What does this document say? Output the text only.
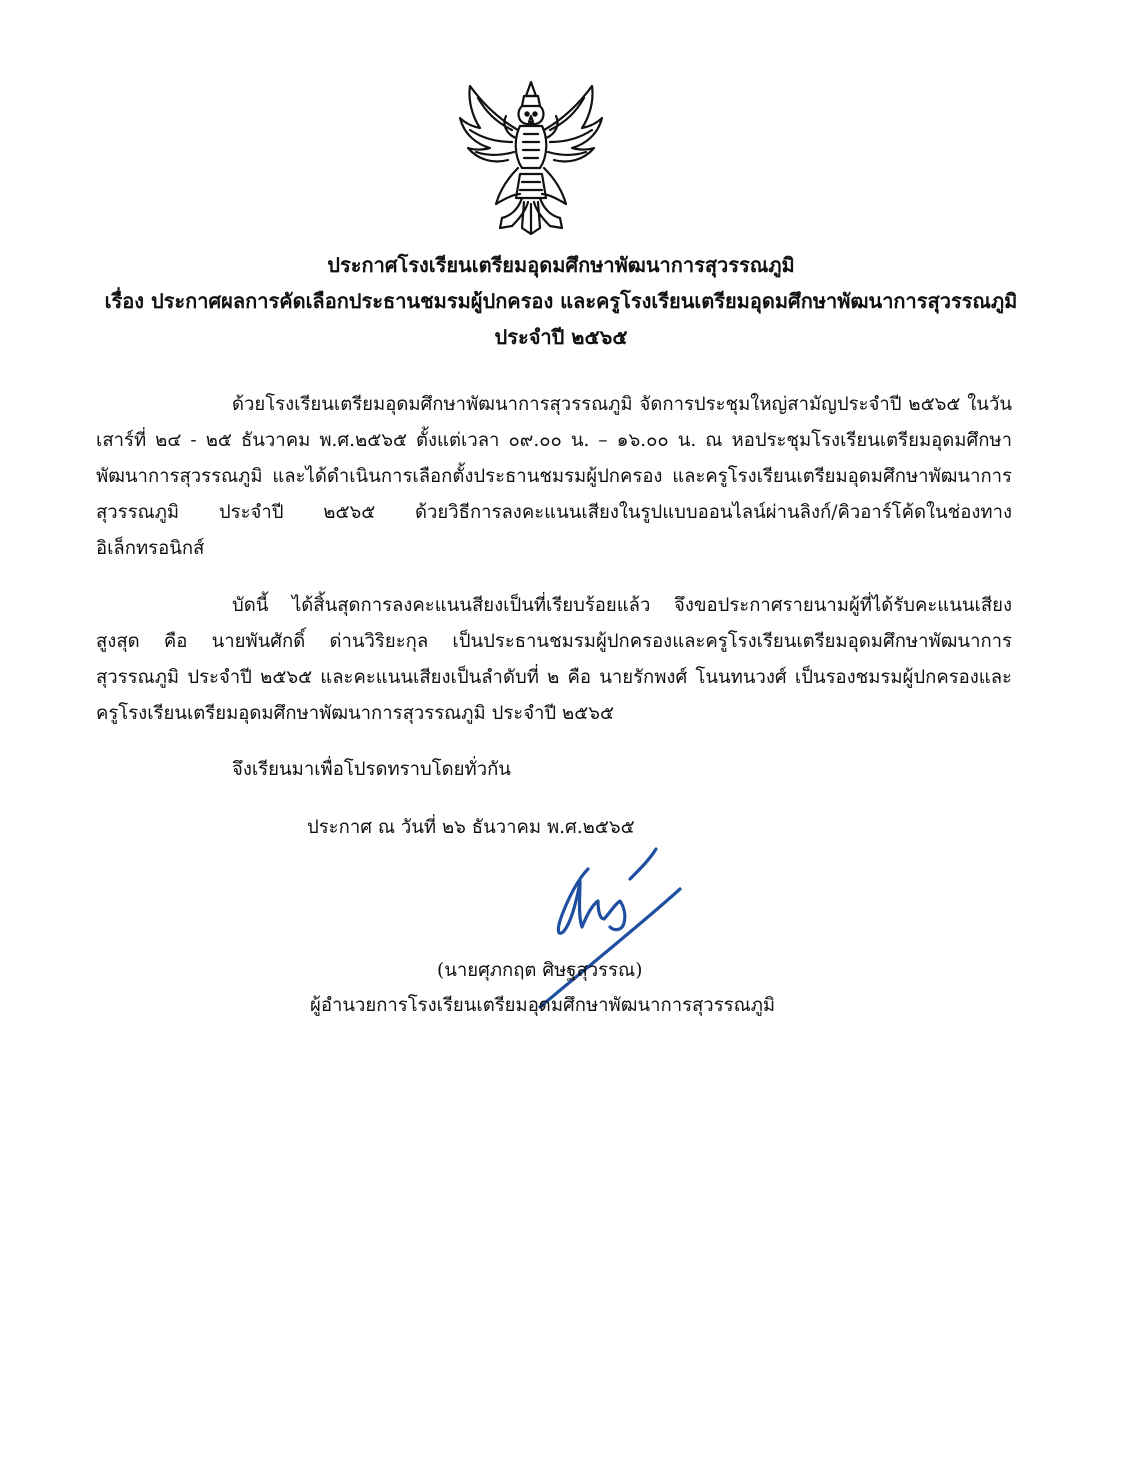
ประกาศโรงเรียนเตรียมอุดมศึกษาพัฒนาการสุวรรณภูมิ
เรื่อง ประกาศผลการคัดเลือกประธานชมรมผู้ปกครอง และครูโรงเรียนเตรียมอุดมศึกษาพัฒนาการสุวรรณภูมิ
ประจำปี ๒๕๖๕
ด้วยโรงเรียนเตรียมอุดมศึกษาพัฒนาการสุวรรณภูมิ จัดการประชุมใหญ่สามัญประจำปี ๒๕๖๕ ในวันเสาร์ที่ ๒๔ - ๒๕ ธันวาคม พ.ศ.๒๕๖๕ ตั้งแต่เวลา ๐๙.๐๐ น. – ๑๖.๐๐ น. ณ หอประชุมโรงเรียนเตรียมอุดมศึกษาพัฒนาการสุวรรณภูมิ และได้ดำเนินการเลือกตั้งประธานชมรมผู้ปกครอง และครูโรงเรียนเตรียมอุดมศึกษาพัฒนาการสุวรรณภูมิ ประจำปี ๒๕๖๕ ด้วยวิธีการลงคะแนนเสียงในรูปแบบออนไลน์ผ่านลิงก์/คิวอาร์โค้ดในช่องทางอิเล็กทรอนิกส์
บัดนี้ ได้สิ้นสุดการลงคะแนนสียงเป็นที่เรียบร้อยแล้ว จึงขอประกาศรายนามผู้ที่ได้รับคะแนนเสียงสูงสุด คือ นายพันศักดิ์ ด่านวิริยะกุล เป็นประธานชมรมผู้ปกครองและครูโรงเรียนเตรียมอุดมศึกษาพัฒนาการสุวรรณภูมิ ประจำปี ๒๕๖๕ และคะแนนเสียงเป็นลำดับที่ ๒ คือ นายรักพงศ์ โนนทนวงศ์ เป็นรองชมรมผู้ปกครองและครูโรงเรียนเตรียมอุดมศึกษาพัฒนาการสุวรรณภูมิ ประจำปี ๒๕๖๕
จึงเรียนมาเพื่อโปรดทราบโดยทั่วกัน
ประกาศ ณ วันที่ ๒๖ ธันวาคม พ.ศ.๒๕๖๕
(นายศุภกฤต ศิษฐสุวรรณ)
ผู้อำนวยการโรงเรียนเตรียมอุดมศึกษาพัฒนาการสุวรรณภูมิ
